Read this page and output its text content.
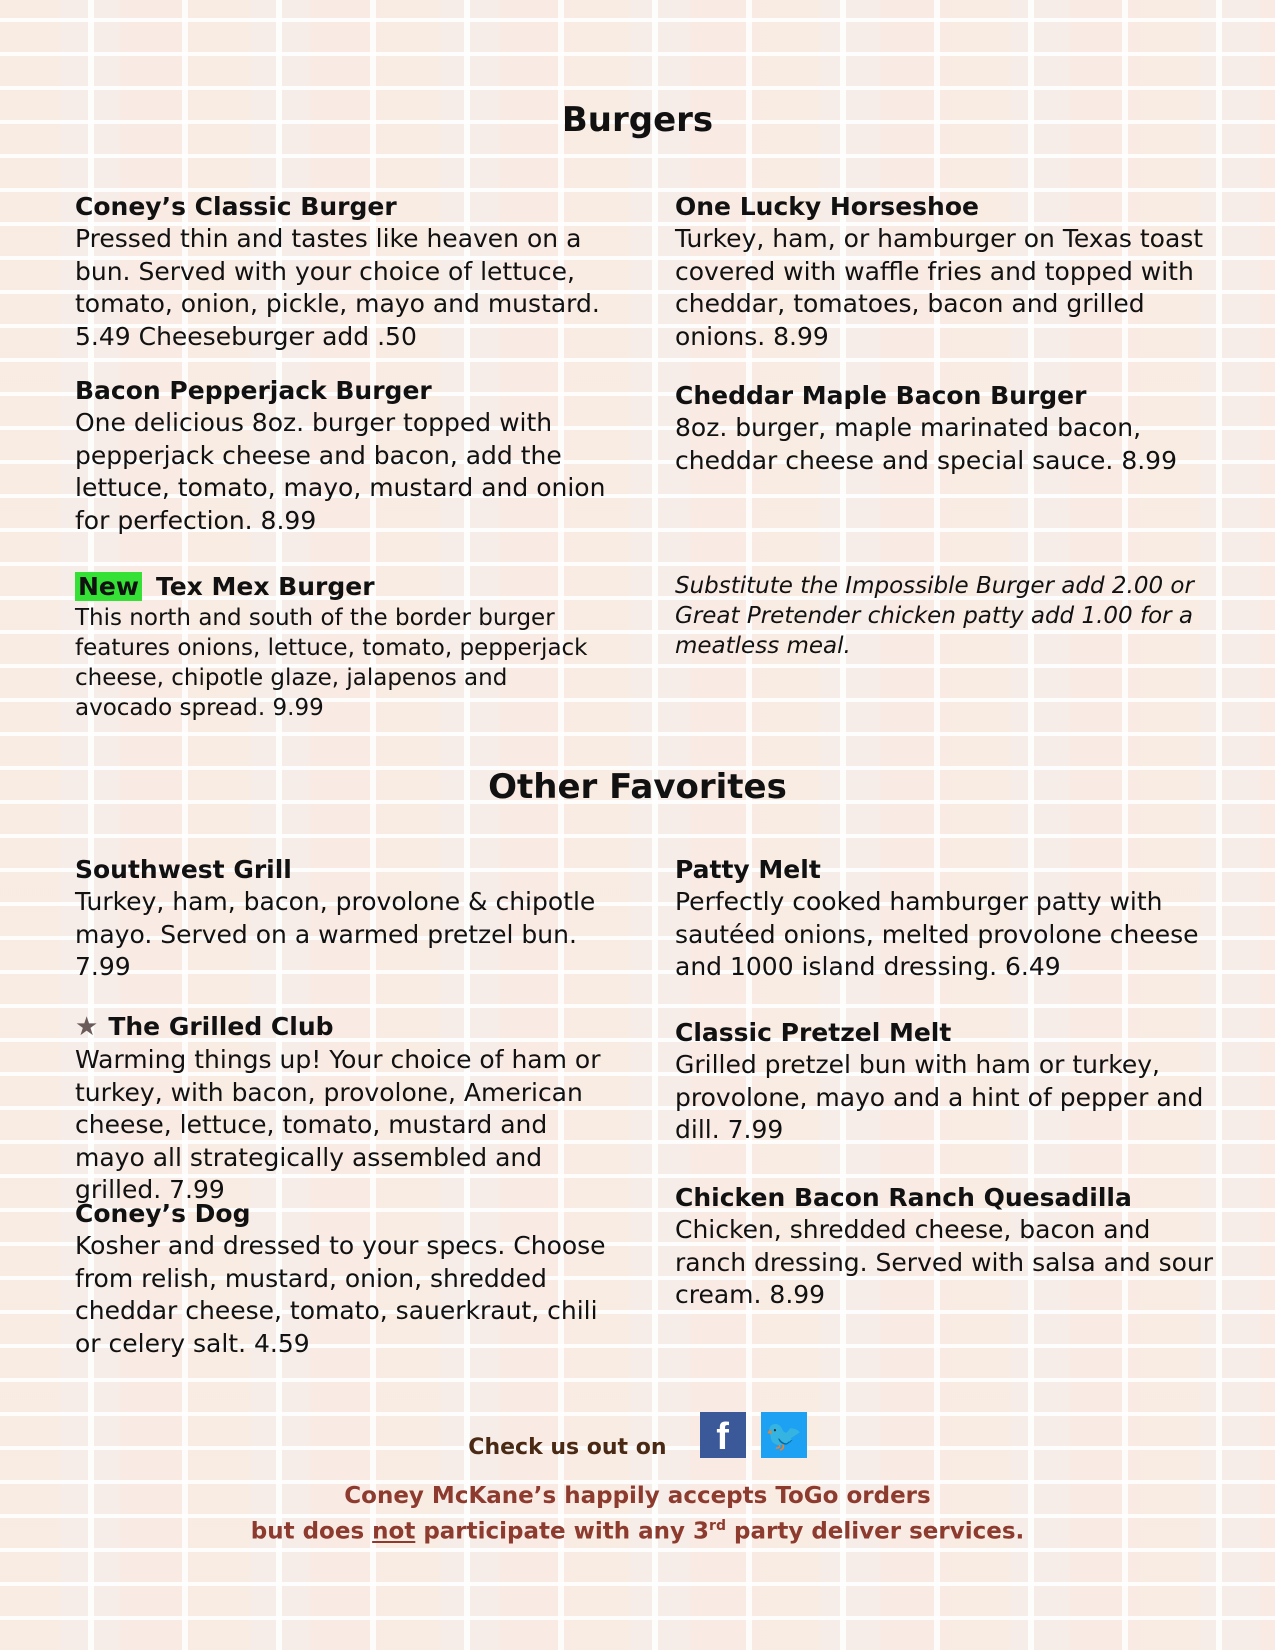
Burgers

Coney’s Classic Burger

Pressed thin and tastes like heaven on a bun. Served with your choice of lettuce, tomato, onion, pickle, mayo and mustard. 5.49 Cheeseburger add .50

One Lucky Horseshoe

Turkey, ham, or hamburger on Texas toast covered with waffle fries and topped with cheddar, tomatoes, bacon and grilled onions. 8.99

Bacon Pepperjack Burger

One delicious 8oz. burger topped with pepperjack cheese and bacon, add the lettuce, tomato, mayo, mustard and onion for perfection. 8.99

Cheddar Maple Bacon Burger

8oz. burger, maple marinated bacon, cheddar cheese and special sauce. 8.99

New Tex Mex Burger

This north and south of the border burger features onions, lettuce, tomato, pepperjack cheese, chipotle glaze, jalapenos and avocado spread. 9.99

Substitute the Impossible Burger add 2.00 or Great Pretender chicken patty add 1.00 for a meatless meal.
Other Favorites

Southwest Grill

Turkey, ham, bacon, provolone & chipotle mayo. Served on a warmed pretzel bun. 7.99

Patty Melt

Perfectly cooked hamburger patty with sautéed onions, melted provolone cheese and 1000 island dressing. 6.49

★ The Grilled Club

Warming things up! Your choice of ham or turkey, with bacon, provolone, American cheese, lettuce, tomato, mustard and mayo all strategically assembled and grilled. 7.99

Classic Pretzel Melt

Grilled pretzel bun with ham or turkey, provolone, mayo and a hint of pepper and dill. 7.99

Coney’s Dog

Kosher and dressed to your specs. Choose from relish, mustard, onion, shredded cheddar cheese, tomato, sauerkraut, chili or celery salt. 4.59

Chicken Bacon Ranch Quesadilla

Chicken, shredded cheese, bacon and ranch dressing. Served with salsa and sour cream. 8.99

Check us out on f 🐦
Coney McKane’s happily accepts ToGo orders
but does not participate with any 3rd party deliver services.
